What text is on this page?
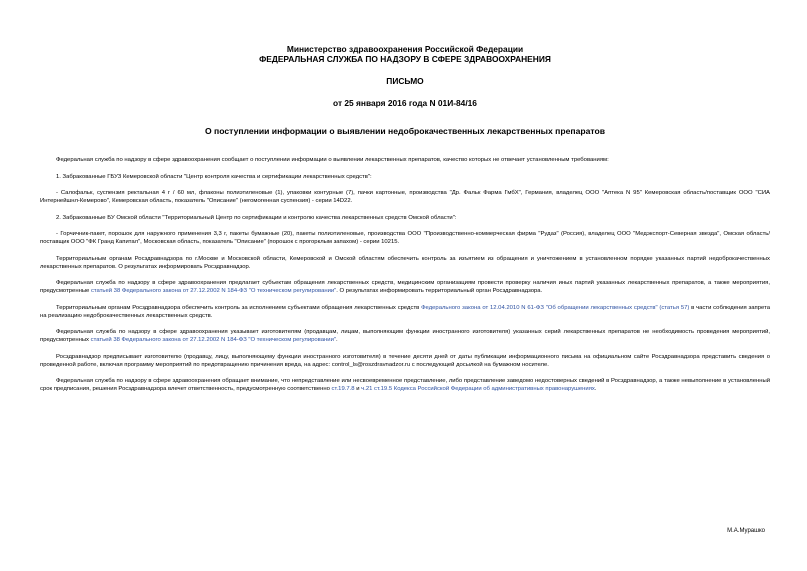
Министерство здравоохранения Российской Федерации
ФЕДЕРАЛЬНАЯ СЛУЖБА ПО НАДЗОРУ В СФЕРЕ ЗДРАВООХРАНЕНИЯ
ПИСЬМО
от 25 января 2016 года N 01И-84/16
О поступлении информации о выявлении недоброкачественных лекарственных препаратов

Федеральная служба по надзору в сфере здравоохранения сообщает о поступлении информации о выявлении лекарственных препаратов, качество которых не отвечает установленным требованиям:

1. Забракованные ГБУЗ Кемеровской области "Центр контроля качества и сертификации лекарственных средств":

- Салофальк, суспензия ректальная 4 г / 60 мл, флаконы полиэтиленовые (1), упаковки контурные (7), пачки картонные, производства "Др. Фальк Фарма ГмбХ", Германия, владелец ООО "Аптека N 95" Кемеровская область/поставщик ООО "СИА Интернейшнл-Кемерово", Кемеровская область, показатель "Описание" (негомогенная суспензия) - серии 14D22.

2. Забракованные БУ Омской области "Территориальный Центр по сертификации и контролю качества лекарственных средств Омской области":

- Горчичник-пакет, порошок для наружного применения 3,3 г, пакеты бумажные (20), пакеты полиэтиленовые, производства ООО "Производственно-коммерческая фирма "Рудаз" (Россия), владелец ООО "Медэкспорт-Северная звезда", Омская область/поставщик ООО "ФК Гранд Капитал", Московская область, показатель "Описание" (порошок с прогорклым запахом) - серии 10215.

Территориальным органам Росздравнадзора по г.Москве и Московской области, Кемеровской и Омской областям обеспечить контроль за изъятием из обращения и уничтожением в установленном порядке указанных партий недоброкачественных лекарственных препаратов. О результатах информировать Росздравнадзор.

Федеральная служба по надзору в сфере здравоохранения предлагает субъектам обращения лекарственных средств, медицинским организациям провести проверку наличия иных партий указанных лекарственных препаратов, а также мероприятия, предусмотренные статьей 38 Федерального закона от 27.12.2002 N 184-ФЗ "О техническом регулировании". О результатах информировать территориальный орган Росздравнадзора.

Территориальным органам Росздравнадзора обеспечить контроль за исполнением субъектами обращения лекарственных средств Федерального закона от 12.04.2010 N 61-ФЗ "Об обращении лекарственных средств" (статья 57) в части соблюдения запрета на реализацию недоброкачественных лекарственных средств.

Федеральная служба по надзору в сфере здравоохранения указывает изготовителям (продавцам, лицам, выполняющим функции иностранного изготовителя) указанных серий лекарственных препаратов не необходимость проведения мероприятий, предусмотренных статьей 38 Федерального закона от 27.12.2002 N 184-ФЗ "О техническом регулировании".

Росздравнадзор предписывает изготовителю (продавцу, лицу, выполняющему функции иностранного изготовителя) в течение десяти дней от даты публикации информационного письма на официальном сайте Росздравнадзора представить сведения о проведенной работе, включая программу мероприятий по предотвращению причинения вреда, на адрес: control_ls@roszdravnadzor.ru с последующей досылкой на бумажном носителе.

Федеральная служба по надзору в сфере здравоохранения обращает внимание, что непредставление или несвоевременное представление, либо представление заведомо недостоверных сведений в Росздравнадзор, а также невыполнение в установленный срок предписания, решения Росздравнадзора влечет ответственность, предусмотренную соответственно ст.19.7.8 и ч.21 ст.19.5 Кодекса Российской Федерации об административных правонарушениях.

М.А.Мурашко
